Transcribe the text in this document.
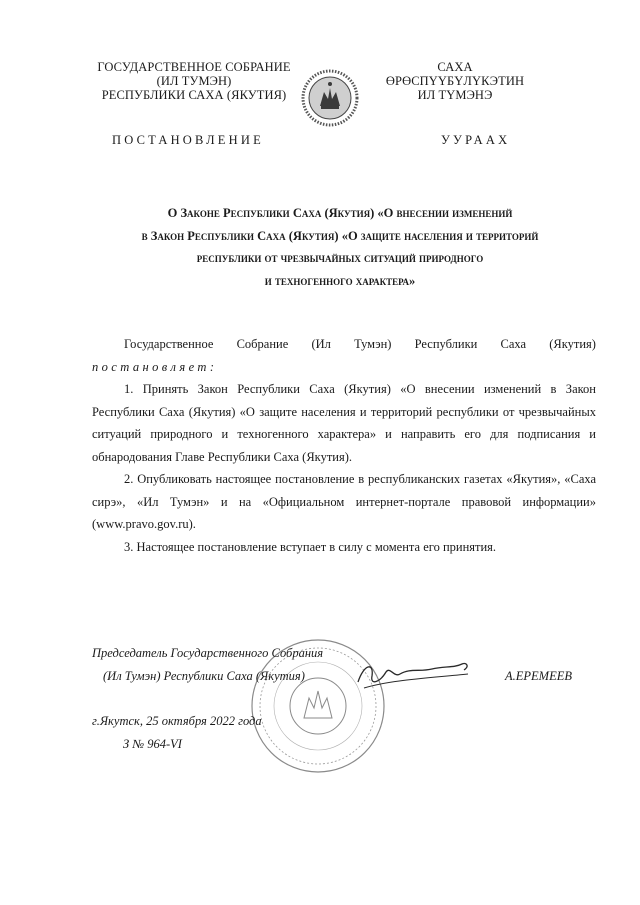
ГОСУДАРСТВЕННОЕ СОБРАНИЕ
(ИЛ ТУМЭН)
РЕСПУБЛИКИ САХА (ЯКУТИЯ)
САХА ӨРӨСПҮҮБҮЛҮКЭТИН
ИЛ ТҮМЭНЭ
ПОСТАНОВЛЕНИЕ	УУРААХ
О Законе Республики Саха (Якутия) «О внесении изменений
в Закон Республики Саха (Якутия) «О защите населения и территорий
республики от чрезвычайных ситуаций природного
и техногенного характера»
Государственное Собрание (Ил Тумэн) Республики Саха (Якутия)

постановляет:

1. Принять Закон Республики Саха (Якутия) «О внесении изменений в Закон Республики Саха (Якутия) «О защите населения и территорий республики от чрезвычайных ситуаций природного и техногенного характера» и направить его для подписания и обнародования Главе Республики Саха (Якутия).

2. Опубликовать настоящее постановление в республиканских газетах «Якутия», «Саха сирэ», «Ил Тумэн» и на «Официальном интернет-портале правовой информации» (www.pravo.gov.ru).

3. Настоящее постановление вступает в силу с момента его принятия.

Председатель Государственного Собрания
(Ил Тумэн) Республики Саха (Якутия)	А.ЕРЕМЕЕВ
г.Якутск, 25 октября 2022 года
З № 964-VI
